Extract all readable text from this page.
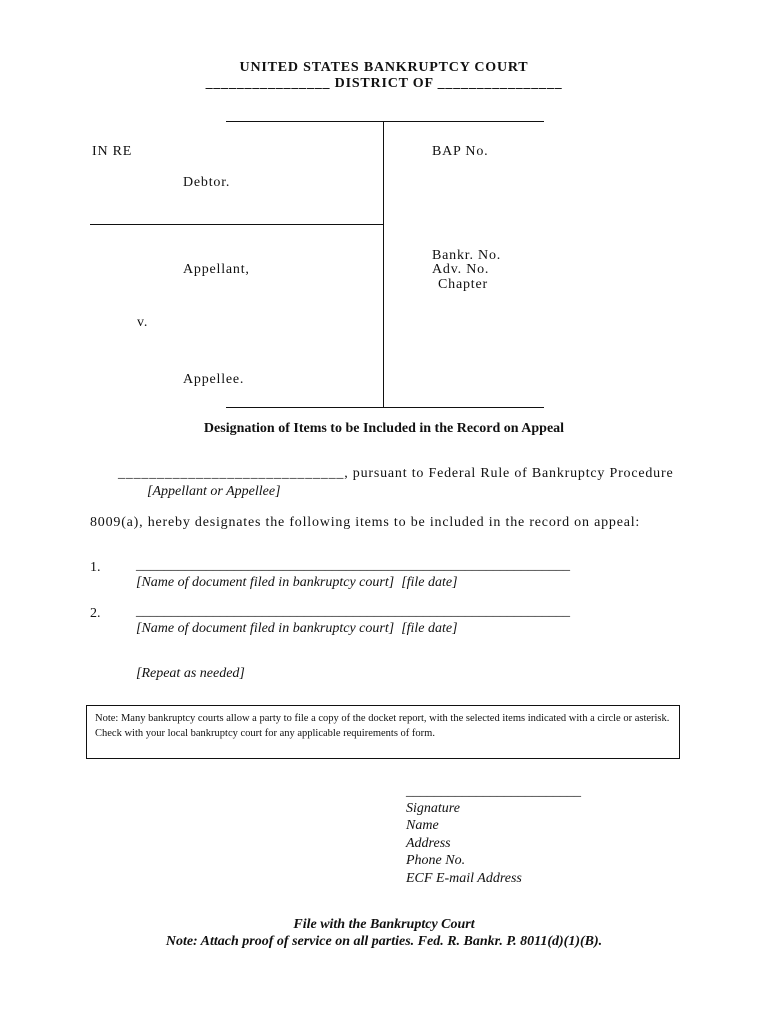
UNITED STATES BANKRUPTCY COURT
________________ DISTRICT OF ________________
IN RE
Debtor.
Appellant,
v.
Appellee.
BAP No.
Bankr. No.
Adv. No.
Chapter
Designation of Items to be Included in the Record on Appeal
_____________________________, pursuant to Federal Rule of Bankruptcy Procedure
[Appellant or Appellee]
8009(a), hereby designates the following items to be included in the record on appeal:
1.	______________________________________________________________
[Name of document filed in bankruptcy court] [file date]
2.	______________________________________________________________
[Name of document filed in bankruptcy court] [file date]
[Repeat as needed]
Note: Many bankruptcy courts allow a party to file a copy of the docket report, with the selected items indicated with a circle or asterisk. Check with your local bankruptcy court for any applicable requirements of form.
_________________________
Signature
Name
Address
Phone No.
ECF E-mail Address
File with the Bankruptcy Court
Note: Attach proof of service on all parties. Fed. R. Bankr. P. 8011(d)(1)(B).
